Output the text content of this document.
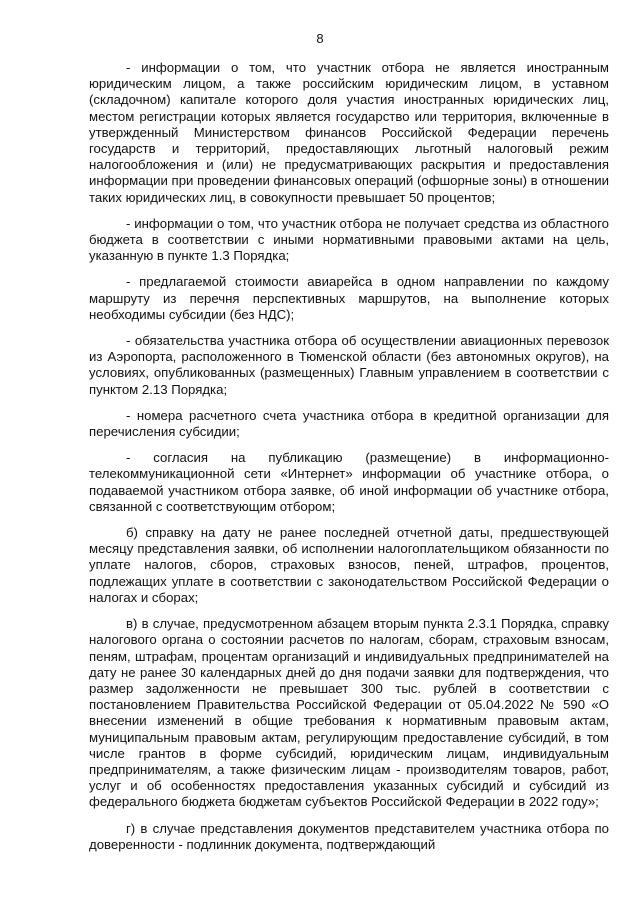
8

- информации о том, что участник отбора не является иностранным юридическим лицом, а также российским юридическим лицом, в уставном (складочном) капитале которого доля участия иностранных юридических лиц, местом регистрации которых является государство или территория, включенные в утвержденный Министерством финансов Российской Федерации перечень государств и территорий, предоставляющих льготный налоговый режим налогообложения и (или) не предусматривающих раскрытия и предоставления информации при проведении финансовых операций (офшорные зоны) в отношении таких юридических лиц, в совокупности превышает 50 процентов;

- информации о том, что участник отбора не получает средства из областного бюджета в соответствии с иными нормативными правовыми актами на цель, указанную в пункте 1.3 Порядка;

- предлагаемой стоимости авиарейса в одном направлении по каждому маршруту из перечня перспективных маршрутов, на выполнение которых необходимы субсидии (без НДС);

- обязательства участника отбора об осуществлении авиационных перевозок из Аэропорта, расположенного в Тюменской области (без автономных округов), на условиях, опубликованных (размещенных) Главным управлением в соответствии с пунктом 2.13 Порядка;

- номера расчетного счета участника отбора в кредитной организации для перечисления субсидии;

- согласия на публикацию (размещение) в информационно-телекоммуникационной сети «Интернет» информации об участнике отбора, о подаваемой участником отбора заявке, об иной информации об участнике отбора, связанной с соответствующим отбором;

б) справку на дату не ранее последней отчетной даты, предшествующей месяцу представления заявки, об исполнении налогоплательщиком обязанности по уплате налогов, сборов, страховых взносов, пеней, штрафов, процентов, подлежащих уплате в соответствии с законодательством Российской Федерации о налогах и сборах;

в) в случае, предусмотренном абзацем вторым пункта 2.3.1 Порядка, справку налогового органа о состоянии расчетов по налогам, сборам, страховым взносам, пеням, штрафам, процентам организаций и индивидуальных предпринимателей на дату не ранее 30 календарных дней до дня подачи заявки для подтверждения, что размер задолженности не превышает 300 тыс. рублей в соответствии с постановлением Правительства Российской Федерации от 05.04.2022 № 590 «О внесении изменений в общие требования к нормативным правовым актам, муниципальным правовым актам, регулирующим предоставление субсидий, в том числе грантов в форме субсидий, юридическим лицам, индивидуальным предпринимателям, а также физическим лицам - производителям товаров, работ, услуг и об особенностях предоставления указанных субсидий и субсидий из федерального бюджета бюджетам субъектов Российской Федерации в 2022 году»;

г) в случае представления документов представителем участника отбора по доверенности - подлинник документа, подтверждающий
